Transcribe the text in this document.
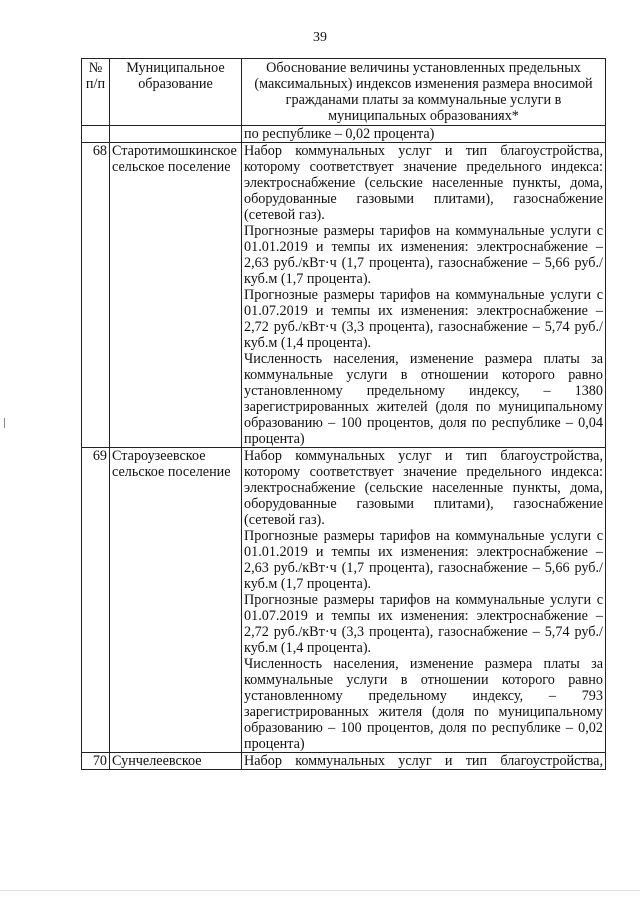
39
№ п/п	Муниципальное образование	Обоснование величины установленных предельных (максимальных) индексов изменения размера вносимой гражданами платы за коммунальные услуги в муниципальных образованиях*
		по республике – 0,02 процента)
68	Старотимошкинское сельское поселение	Набор коммунальных услуг и тип благоустройства, которому соответствует значение предельного индекса: электроснабжение (сельские населенные пункты, дома, оборудованные газовыми плитами), газоснабжение (сетевой газ).
Прогнозные размеры тарифов на коммунальные услуги с 01.01.2019 и темпы их изменения: электроснабжение – 2,63 руб./кВт·ч (1,7 процента), газоснабжение – 5,66 руб./куб.м (1,7 процента).
Прогнозные размеры тарифов на коммунальные услуги с 01.07.2019 и темпы их изменения: электроснабжение – 2,72 руб./кВт·ч (3,3 процента), газоснабжение – 5,74 руб./куб.м (1,4 процента).
Численность населения, изменение размера платы за коммунальные услуги в отношении которого равно установленному предельному индексу, – 1380 зарегистрированных жителей (доля по муниципальному образованию – 100 процентов, доля по республике – 0,04 процента)

69	Староузеевское сельское поселение	Набор коммунальных услуг и тип благоустройства, которому соответствует значение предельного индекса: электроснабжение (сельские населенные пункты, дома, оборудованные газовыми плитами), газоснабжение (сетевой газ).
Прогнозные размеры тарифов на коммунальные услуги с 01.01.2019 и темпы их изменения: электроснабжение – 2,63 руб./кВт·ч (1,7 процента), газоснабжение – 5,66 руб./куб.м (1,7 процента).
Прогнозные размеры тарифов на коммунальные услуги с 01.07.2019 и темпы их изменения: электроснабжение – 2,72 руб./кВт·ч (3,3 процента), газоснабжение – 5,74 руб./куб.м (1,4 процента).
Численность населения, изменение размера платы за коммунальные услуги в отношении которого равно установленному предельному индексу, – 793 зарегистрированных жителя (доля по муниципальному образованию – 100 процентов, доля по республике – 0,02 процента)

70	Сунчелеевское	Набор коммунальных услуг и тип благоустройства,
